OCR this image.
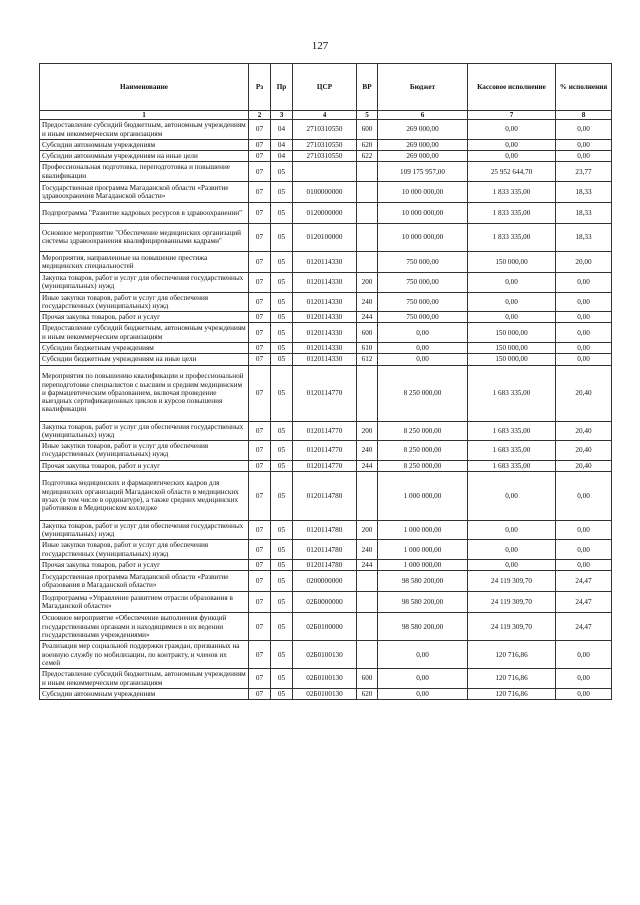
127
Наименование	Рз	Пр	ЦСР	ВР	Бюджет	Кассовое исполнение	% исполнения
1	2	3	4	5	6	7	8
Предоставление субсидий бюджетным, автономным учреждениям и иным некоммерческим организациям	07	04	2710310550	600	269 000,00	0,00	0,00
Субсидии автономным учреждениям	07	04	2710310550	620	269 000,00	0,00	0,00
Субсидии автономным учреждениям на иные цели	07	04	2710310550	622	269 000,00	0,00	0,00
Профессиональная подготовка, переподготовка и повышение квалификации	07	05			109 175 957,00	25 952 644,70	23,77
Государственная программа Магаданской области «Развитие здравоохранения Магаданской области»	07	05	0100000000		10 000 000,00	1 833 335,00	18,33
Подпрограмма "Развитие кадровых ресурсов в здравоохранении"	07	05	0120000000		10 000 000,00	1 833 335,00	18,33
Основное мероприятие "Обеспечение медицинских организаций системы здравоохранения квалифицированными кадрами"	07	05	0120100000		10 000 000,00	1 833 335,00	18,33
Мероприятия, направленные на повышение престижа медицинских специальностей	07	05	0120114330		750 000,00	150 000,00	20,00
Закупка товаров, работ и услуг для обеспечения государственных (муниципальных) нужд	07	05	0120114330	200	750 000,00	0,00	0,00
Иные закупки товаров, работ и услуг для обеспечения государственных (муниципальных) нужд	07	05	0120114330	240	750 000,00	0,00	0,00
Прочая закупка товаров, работ и услуг	07	05	0120114330	244	750 000,00	0,00	0,00
Предоставление субсидий бюджетным, автономным учреждениям и иным некоммерческим организациям	07	05	0120114330	600	0,00	150 000,00	0,00
Субсидии бюджетным учреждениям	07	05	0120114330	610	0,00	150 000,00	0,00
Субсидии бюджетным учреждениям на иные цели	07	05	0120114330	612	0,00	150 000,00	0,00
Мероприятия по повышению квалификации и профессиональной переподготовке специалистов с высшим и средним медицинским и фармацевтическим образованием, включая проведение выездных сертификационных циклов и курсов повышения квалификации	07	05	0120114770		8 250 000,00	1 683 335,00	20,40
Закупка товаров, работ и услуг для обеспечения государственных (муниципальных) нужд	07	05	0120114770	200	8 250 000,00	1 683 335,00	20,40
Иные закупки товаров, работ и услуг для обеспечения государственных (муниципальных) нужд	07	05	0120114770	240	8 250 000,00	1 683 335,00	20,40
Прочая закупка товаров, работ и услуг	07	05	0120114770	244	8 250 000,00	1 683 335,00	20,40
Подготовка медицинских и фармацевтических кадров для медицинских организаций Магаданской области в медицинских вузах (в том числе в ординатуре), а также средних медицинских работников в Медицинском колледже	07	05	0120114780		1 000 000,00	0,00	0,00
Закупка товаров, работ и услуг для обеспечения государственных (муниципальных) нужд	07	05	0120114780	200	1 000 000,00	0,00	0,00
Иные закупки товаров, работ и услуг для обеспечения государственных (муниципальных) нужд	07	05	0120114780	240	1 000 000,00	0,00	0,00
Прочая закупка товаров, работ и услуг	07	05	0120114780	244	1 000 000,00	0,00	0,00
Государственная программа Магаданской области «Развитие образования в Магаданской области»	07	05	0200000000		98 580 200,00	24 119 309,70	24,47
Подпрограмма «Управление развитием отрасли образования в Магаданской области»	07	05	02Б0000000		98 580 200,00	24 119 309,70	24,47
Основное мероприятие «Обеспечение выполнения функций государственными органами и находящимися в их ведении государственными учреждениями»	07	05	02Б0100000		98 580 200,00	24 119 309,70	24,47
Реализация мер социальной поддержки граждан, призванных на военную службу по мобилизации, по контракту, и членов их семей	07	05	02Б0100130		0,00	120 716,86	0,00
Предоставление субсидий бюджетным, автономным учреждениям и иным некоммерческим организациям	07	05	02Б0100130	600	0,00	120 716,86	0,00
Субсидии автономным учреждениям	07	05	02Б0100130	620	0,00	120 716,86	0,00
